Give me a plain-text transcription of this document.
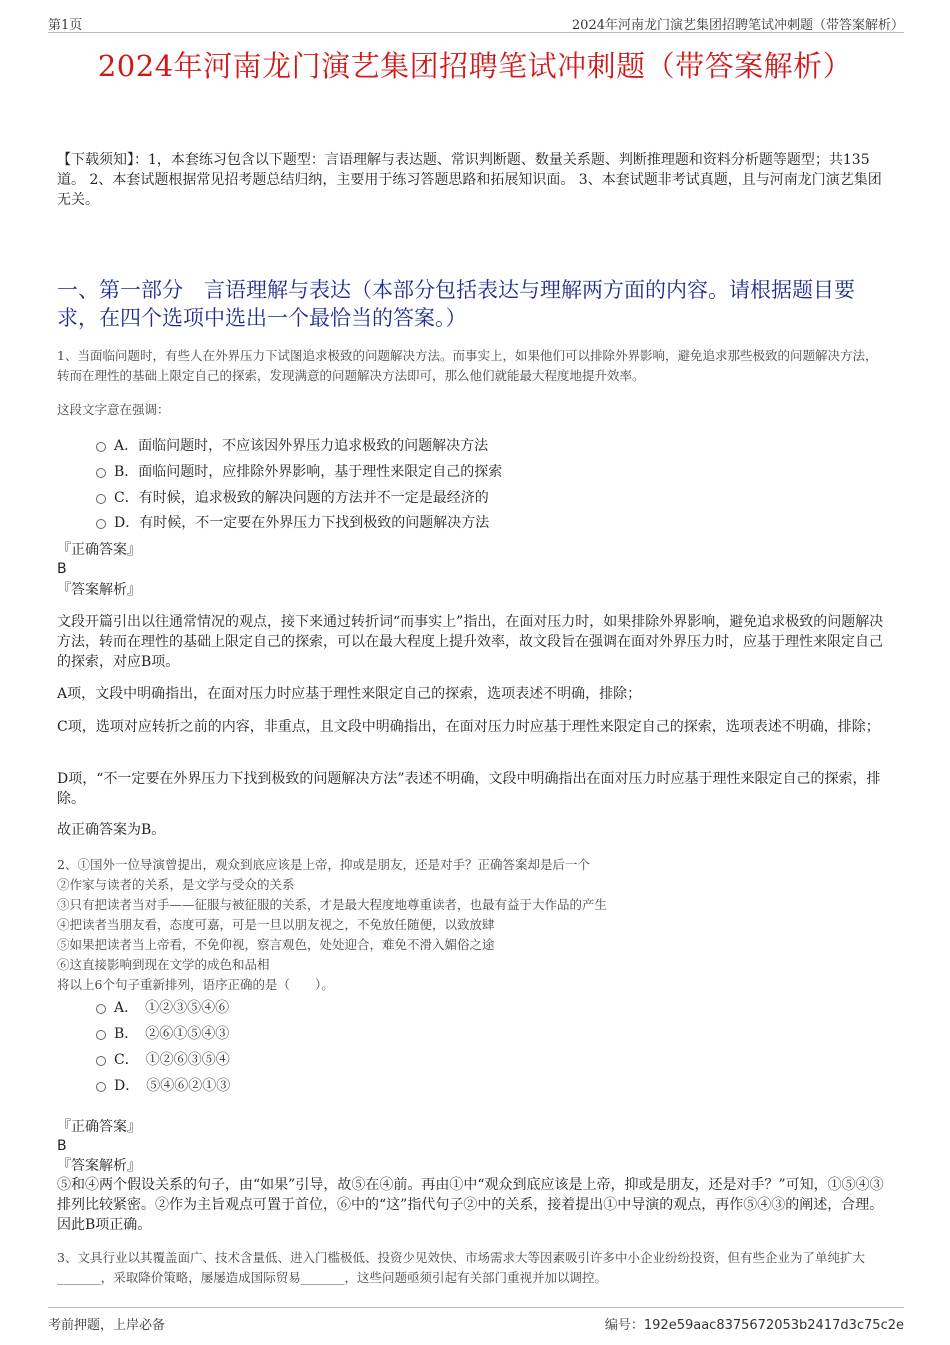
第1页	2024年河南龙门演艺集团招聘笔试冲刺题（带答案解析）
2024年河南龙门演艺集团招聘笔试冲刺题（带答案解析）
【下载须知】：1，本套练习包含以下题型：言语理解与表达题、常识判断题、数量关系题、判断推理题和资料分析题等题型；共135道。 2、本套试题根据常见招考题总结归纳，主要用于练习答题思路和拓展知识面。 3、本套试题非考试真题，且与河南龙门演艺集团无关。
一、第一部分　言语理解与表达（本部分包括表达与理解两方面的内容。请根据题目要求，在四个选项中选出一个最恰当的答案。）
1、当面临问题时，有些人在外界压力下试图追求极致的问题解决方法。而事实上，如果他们可以排除外界影响，避免追求那些极致的问题解决方法，转而在理性的基础上限定自己的探索，发现满意的问题解决方法即可，那么他们就能最大程度地提升效率。
这段文字意在强调：
A．面临问题时，不应该因外界压力追求极致的问题解决方法
B．面临问题时，应排除外界影响，基于理性来限定自己的探索
C．有时候，追求极致的解决问题的方法并不一定是最经济的
D．有时候，不一定要在外界压力下找到极致的问题解决方法
『正确答案』
B
『答案解析』
文段开篇引出以往通常情况的观点，接下来通过转折词“而事实上”指出，在面对压力时，如果排除外界影响，避免追求极致的问题解决方法，转而在理性的基础上限定自己的探索，可以在最大程度上提升效率，故文段旨在强调在面对外界压力时，应基于理性来限定自己的探索，对应B项。
A项，文段中明确指出，在面对压力时应基于理性来限定自己的探索，选项表述不明确，排除；
C项，选项对应转折之前的内容，非重点，且文段中明确指出，在面对压力时应基于理性来限定自己的探索，选项表述不明确，排除；
D项，“不一定要在外界压力下找到极致的问题解决方法”表述不明确，文段中明确指出在面对压力时应基于理性来限定自己的探索，排除。
故正确答案为B。
2、①国外一位导演曾提出，观众到底应该是上帝，抑或是朋友，还是对手？正确答案却是后一个
②作家与读者的关系，是文学与受众的关系
③只有把读者当对手——征服与被征服的关系，才是最大程度地尊重读者，也最有益于大作品的产生
④把读者当朋友看，态度可嘉，可是一旦以朋友视之，不免放任随便，以致放肆
⑤如果把读者当上帝看，不免仰视，察言观色，处处迎合，难免不滑入媚俗之途
⑥这直接影响到现在文学的成色和品相
将以上6个句子重新排列，语序正确的是（　　）。
A．　①②③⑤④⑥
B．　②⑥①⑤④③
C．　①②⑥③⑤④
D．　⑤④⑥②①③
『正确答案』
B
『答案解析』
⑤和④两个假设关系的句子，由“如果”引导，故⑤在④前。再由①中“观众到底应该是上帝，抑或是朋友，还是对手？”可知，①⑤④③排列比较紧密。②作为主旨观点可置于首位，⑥中的“这”指代句子②中的关系，接着提出①中导演的观点，再作⑤④③的阐述，合理。因此B项正确。
3、文具行业以其覆盖面广、技术含量低、进入门槛极低、投资少见效快、市场需求大等因素吸引许多中小企业纷纷投资，但有些企业为了单纯扩大_______，采取降价策略，屡屡造成国际贸易_______，这些问题亟须引起有关部门重视并加以调控。
考前押题，上岸必备	编号：192e59aac8375672053b2417d3c75c2e
